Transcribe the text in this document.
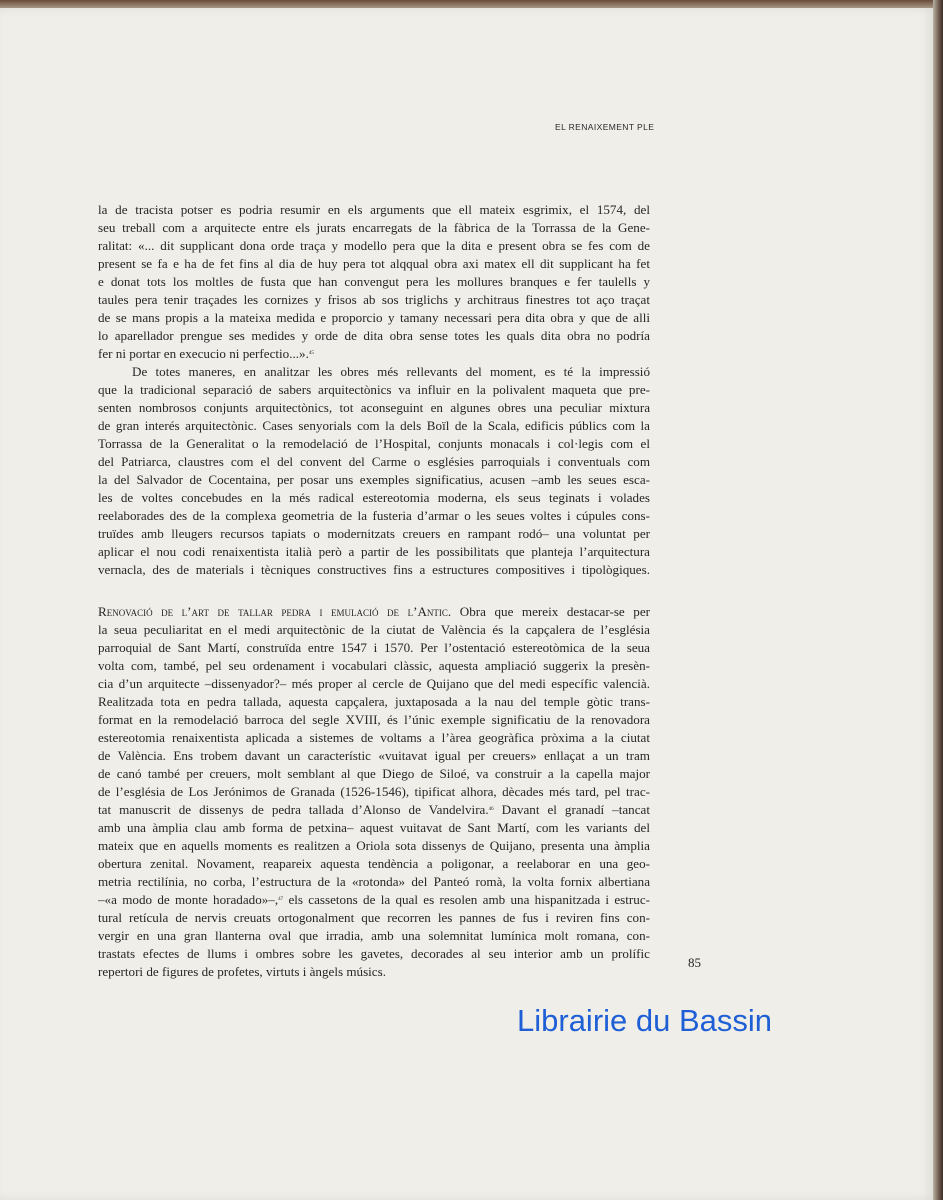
EL RENAIXEMENT PLE
la de tracista potser es podria resumir en els arguments que ell mateix esgrimix, el 1574, del
seu treball com a arquitecte entre els jurats encarregats de la fàbrica de la Torrassa de la Gene-
ralitat: «... dit supplicant dona orde traça y modello pera que la dita e present obra se fes com de
present se fa e ha de fet fins al dia de huy pera tot alqqual obra axi matex ell dit supplicant ha fet
e donat tots los moltles de fusta que han convengut pera les mollures branques e fer taulells y
taules pera tenir traçades les cornizes y frisos ab sos triglichs y architraus finestres tot aço traçat
de se mans propis a la mateixa medida e proporcio y tamany necessari pera dita obra y que de alli
lo aparellador prengue ses medides y orde de dita obra sense totes les quals dita obra no podría
fer ni portar en execucio ni perfectio...».$^{45}$
De totes maneres, en analitzar les obres més rellevants del moment, es té la impressió
que la tradicional separació de sabers arquitectònics va influir en la polivalent maqueta que pre-
senten nombrosos conjunts arquitectònics, tot aconseguint en algunes obres una peculiar mixtura
de gran interés arquitectònic. Cases senyorials com la dels Boïl de la Scala, edificis públics com la
Torrassa de la Generalitat o la remodelació de l’Hospital, conjunts monacals i col·legis com el
del Patriarca, claustres com el del convent del Carme o esglésies parroquials i conventuals com
la del Salvador de Cocentaina, per posar uns exemples significatius, acusen –amb les seues esca-
les de voltes concebudes en la més radical estereotomia moderna, els seus teginats i volades
reelaborades des de la complexa geometria de la fusteria d’armar o les seues voltes i cúpules cons-
truïdes amb lleugers recursos tapiats o modernitzats creuers en rampant rodó– una voluntat per
aplicar el nou codi renaixentista italià però a partir de les possibilitats que planteja l’arquitectura
vernacla, des de materials i tècniques constructives fins a estructures compositives i tipològiques.
Renovació de l’art de tallar pedra i emulació de l’Antic. Obra que mereix destacar-se per
la seua peculiaritat en el medi arquitectònic de la ciutat de València és la capçalera de l’església
parroquial de Sant Martí, construïda entre 1547 i 1570. Per l’ostentació estereotòmica de la seua
volta com, també, pel seu ordenament i vocabulari clàssic, aquesta ampliació suggerix la presèn-
cia d’un arquitecte –dissenyador?– més proper al cercle de Quijano que del medi específic valencià.
Realitzada tota en pedra tallada, aquesta capçalera, juxtaposada a la nau del temple gòtic trans-
format en la remodelació barroca del segle XVIII, és l’únic exemple significatiu de la renovadora
estereotomia renaixentista aplicada a sistemes de voltams a l’àrea geogràfica pròxima a la ciutat
de València. Ens trobem davant un característic «vuitavat igual per creuers» enllaçat a un tram
de canó també per creuers, molt semblant al que Diego de Siloé, va construir a la capella major
de l’església de Los Jerónimos de Granada (1526-1546), tipificat alhora, dècades més tard, pel trac-
tat manuscrit de dissenys de pedra tallada d’Alonso de Vandelvira.$^{46}$ Davant el granadí –tancat
amb una àmplia clau amb forma de petxina– aquest vuitavat de Sant Martí, com les variants del
mateix que en aquells moments es realitzen a Oriola sota dissenys de Quijano, presenta una àmplia
obertura zenital. Novament, reapareix aquesta tendència a poligonar, a reelaborar en una geo-
metria rectilínia, no corba, l’estructura de la «rotonda» del Panteó romà, la volta fornix albertiana
–«a modo de monte horadado»–,$^{47}$ els cassetons de la qual es resolen amb una hispanitzada i estruc-
tural retícula de nervis creuats ortogonalment que recorren les pannes de fus i reviren fins con-
vergir en una gran llanterna oval que irradia, amb una solemnitat lumínica molt romana, con-
trastats efectes de llums i ombres sobre les gavetes, decorades al seu interior amb un prolífic
repertori de figures de profetes, virtuts i àngels músics.
85
Librairie du Bassin
